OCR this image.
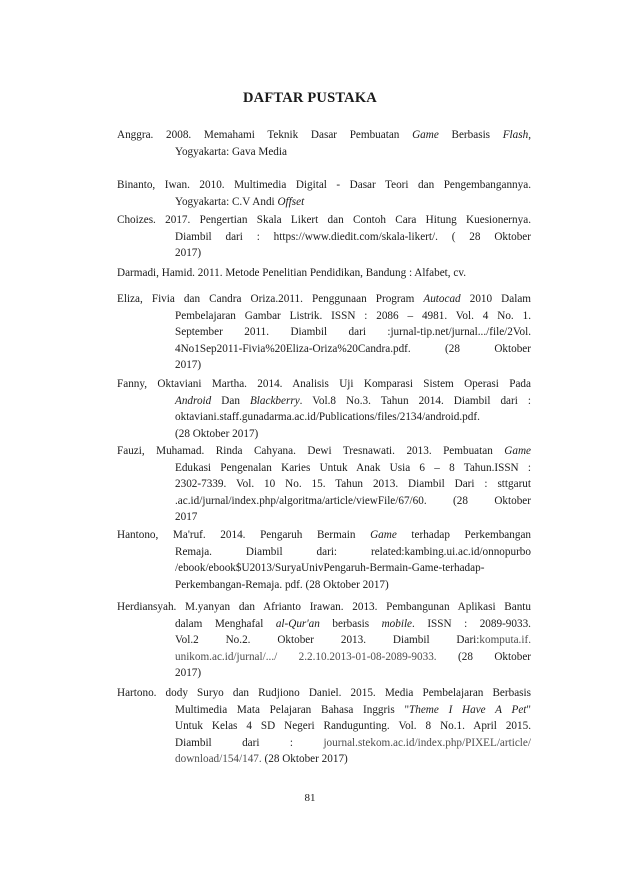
DAFTAR PUSTAKA
Anggra. 2008. Memahami Teknik Dasar Pembuatan Game Berbasis Flash,
Yogyakarta: Gava Media
Binanto, Iwan. 2010. Multimedia Digital - Dasar Teori dan Pengembangannya.
Yogyakarta: C.V Andi Offset
Choizes. 2017. Pengertian Skala Likert dan Contoh Cara Hitung Kuesionernya.
Diambil dari : https://www.diedit.com/skala-likert/. ( 28 Oktober
2017)
Darmadi, Hamid. 2011. Metode Penelitian Pendidikan, Bandung : Alfabet, cv.
Eliza, Fivia dan Candra Oriza.2011. Penggunaan Program Autocad 2010 Dalam
Pembelajaran Gambar Listrik. ISSN : 2086 – 4981. Vol. 4 No. 1.
September 2011. Diambil dari :jurnal-tip.net/jurnal.../file/2Vol.
4No1Sep2011-Fivia%20Eliza-Oriza%20Candra.pdf. (28 Oktober
2017)
Fanny, Oktaviani Martha. 2014. Analisis Uji Komparasi Sistem Operasi Pada
Android Dan Blackberry. Vol.8 No.3. Tahun 2014. Diambil dari :
oktaviani.staff.gunadarma.ac.id/Publications/files/2134/android.pdf.
(28 Oktober 2017)
Fauzi, Muhamad. Rinda Cahyana. Dewi Tresnawati. 2013. Pembuatan Game
Edukasi Pengenalan Karies Untuk Anak Usia 6 – 8 Tahun.ISSN :
2302-7339. Vol. 10 No. 15. Tahun 2013. Diambil Dari : sttgarut
.ac.id/jurnal/index.php/algoritma/article/viewFile/67/60. (28 Oktober
2017
Hantono, Ma'ruf. 2014. Pengaruh Bermain Game terhadap Perkembangan
Remaja. Diambil dari: related:kambing.ui.ac.id/onnopurbo
/ebook/ebook$U2013/SuryaUnivPengaruh-Bermain-Game-terhadap-
Perkembangan-Remaja. pdf. (28 Oktober 2017)
Herdiansyah. M.yanyan dan Afrianto Irawan. 2013. Pembangunan Aplikasi Bantu
dalam Menghafal al-Qur'an berbasis mobile. ISSN : 2089-9033.
Vol.2 No.2. Oktober 2013. Diambil Dari:komputa.if.
unikom.ac.id/jurnal/.../ 2.2.10.2013-01-08-2089-9033. (28 Oktober
2017)
Hartono. dody Suryo dan Rudjiono Daniel. 2015. Media Pembelajaran Berbasis
Multimedia Mata Pelajaran Bahasa Inggris "Theme I Have A Pet"
Untuk Kelas 4 SD Negeri Randugunting. Vol. 8 No.1. April 2015.
Diambil dari : journal.stekom.ac.id/index.php/PIXEL/article/
download/154/147. (28 Oktober 2017)
81
